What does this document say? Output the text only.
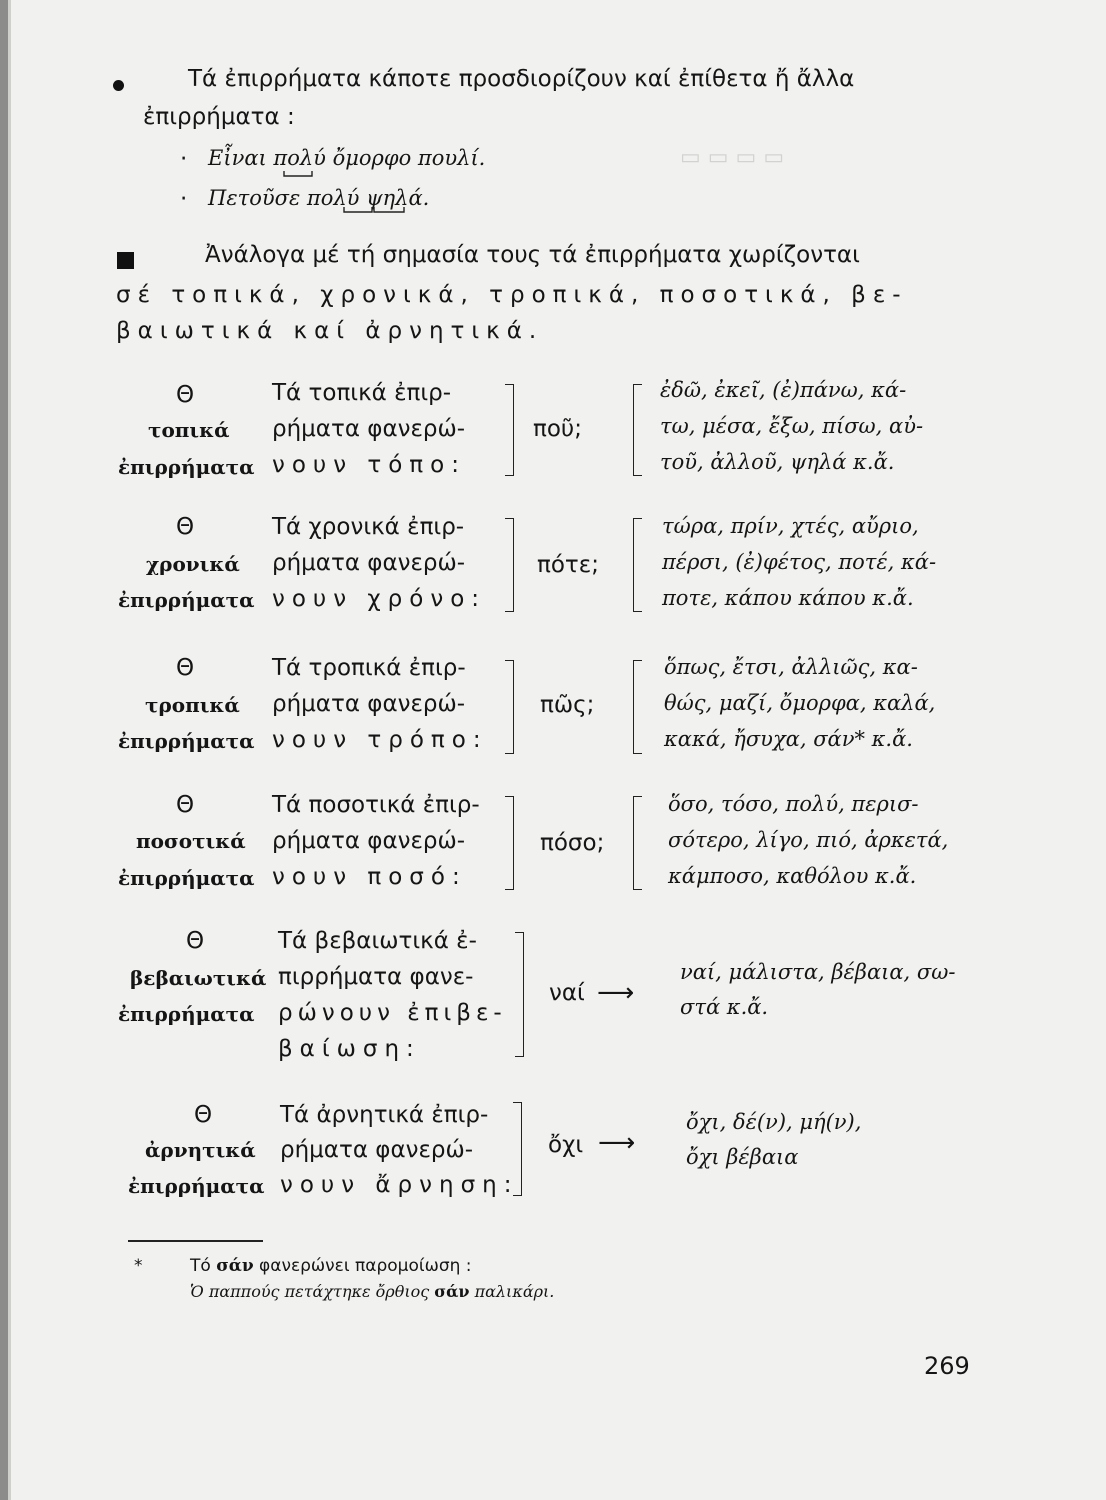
▭ ▭ ▭ ▭
Τά ἐπιρρήματα κάποτε προσδιορίζουν καί ἐπίθετα ἤ ἄλλα
ἐπιρρήματα :
· Εἶναι πολύ ὄμορφο πουλί.
· Πετοῦσε πολύ ψηλά.
Ἀνάλογα μέ τή σημασία τους τά ἐπιρρήματα χωρίζονται
σέ τοπικά, χρονικά, τροπικά, ποσοτικά, βε-
βαιωτικά καί ἀρνητικά.
Θ
τοπικά
ἐπιρρήματα
Τά τοπικά ἐπιρ-
ρήματα φανερώ-
νουν τόπο:
ποῦ;
ἐδῶ, ἐκεῖ, (ἐ)πάνω, κά-
τω, μέσα, ἔξω, πίσω, αὐ-
τοῦ, ἀλλοῦ, ψηλά κ.ἄ.
Θ
χρονικά
ἐπιρρήματα
Τά χρονικά ἐπιρ-
ρήματα φανερώ-
νουν χρόνο:
πότε;
τώρα, πρίν, χτές, αὔριο,
πέρσι, (ἐ)φέτος, ποτέ, κά-
ποτε, κάπου κάπου κ.ἄ.
Θ
τροπικά
ἐπιρρήματα
Τά τροπικά ἐπιρ-
ρήματα φανερώ-
νουν τρόπο:
πῶς;
ὅπως, ἔτσι, ἀλλιῶς, κα-
θώς, μαζί, ὄμορφα, καλά,
κακά, ἤσυχα, σάν* κ.ἄ.
Θ
ποσοτικά
ἐπιρρήματα
Τά ποσοτικά ἐπιρ-
ρήματα φανερώ-
νουν ποσό:
πόσο;
ὅσο, τόσο, πολύ, περισ-
σότερο, λίγο, πιό, ἀρκετά,
κάμποσο, καθόλου κ.ἄ.
Θ
βεβαιωτικά
ἐπιρρήματα
Τά βεβαιωτικά ἐ-
πιρρήματα φανε-
ρώνουν ἐπιβε-
βαίωση:
ναί ⟶
ναί, μάλιστα, βέβαια, σω-
στά κ.ἄ.
Θ
ἀρνητικά
ἐπιρρήματα
Τά ἀρνητικά ἐπιρ-
ρήματα φανερώ-
νουν ἄρνηση:
ὄχι ⟶
ὄχι, δέ(ν), μή(ν),
ὄχι βέβαια
*	Τό σάν φανερώνει παρομοίωση :
Ὁ παππούς πετάχτηκε ὄρθιος σάν παλικάρι.
269
